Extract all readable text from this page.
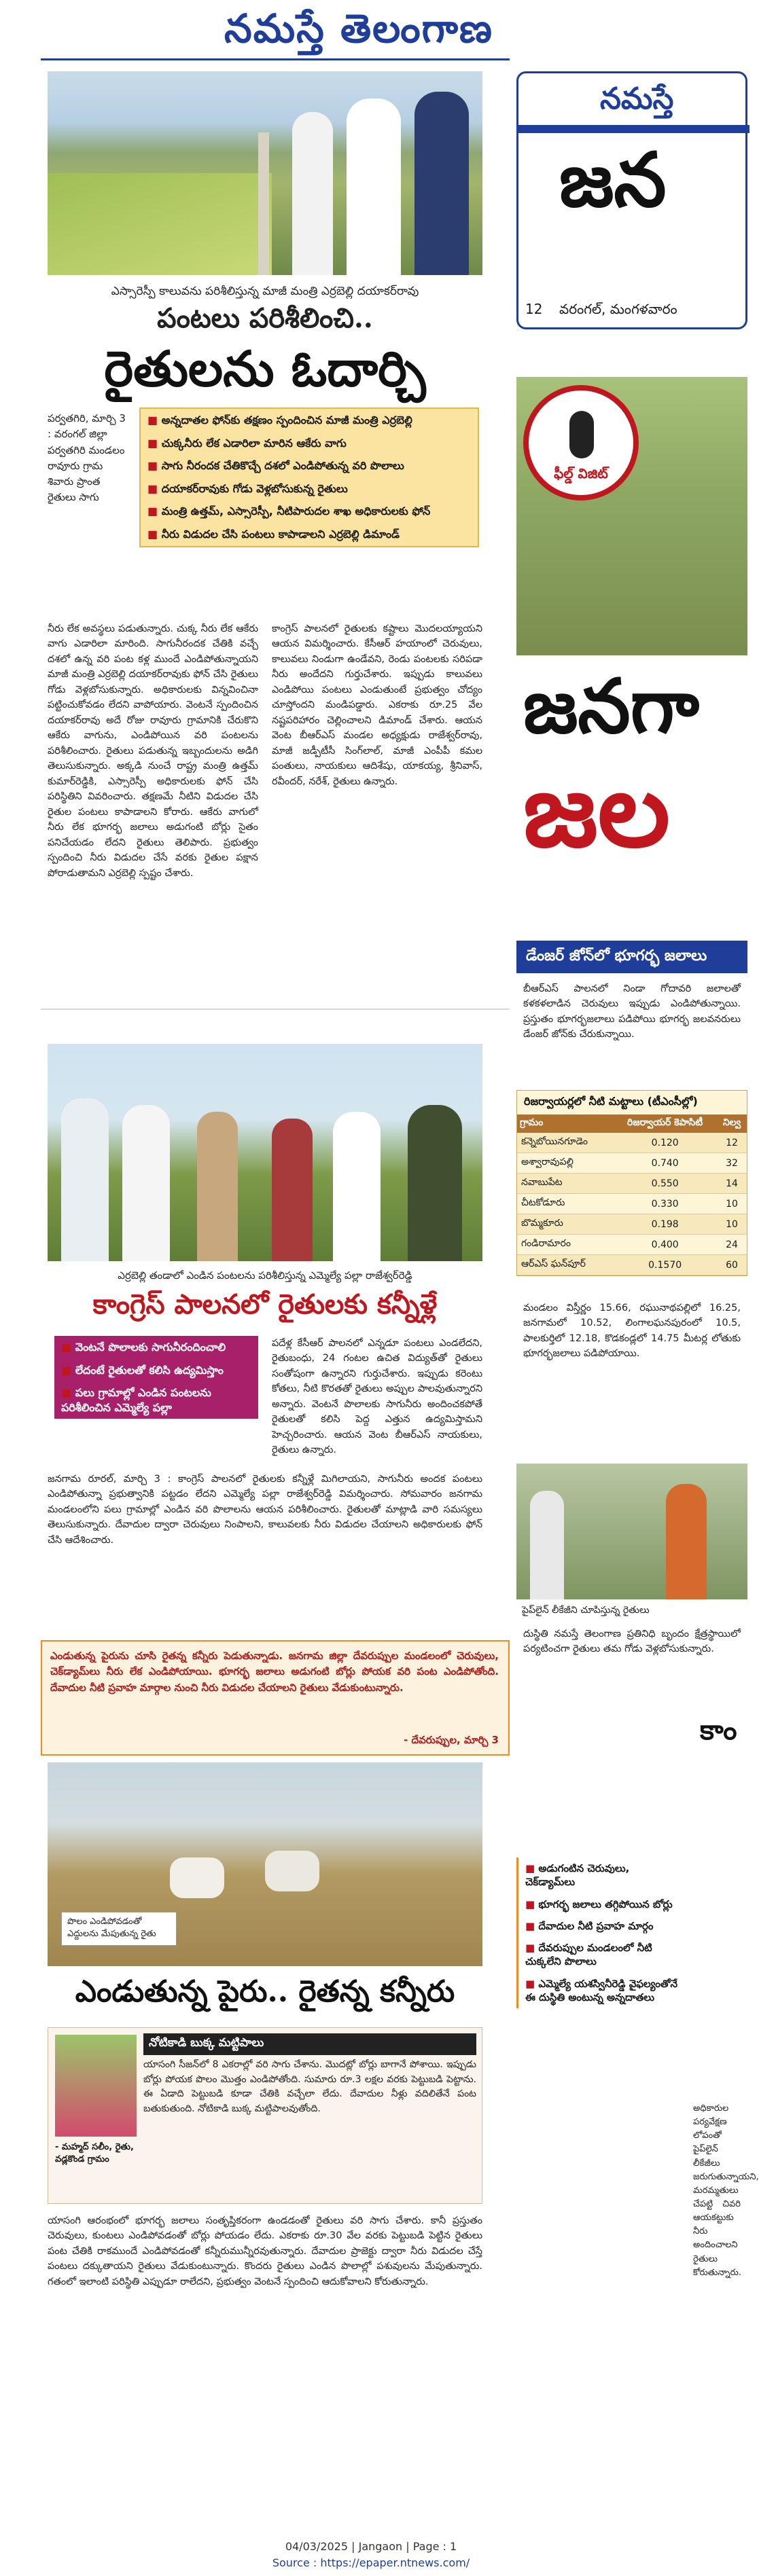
నమస్తే తెలంగాణ
ఎస్సారెస్పీ కాలువను పరిశీలిస్తున్న మాజీ మంత్రి ఎర్రబెల్లి దయాకర్‌రావు
పంటలు పరిశీలించి..
రైతులను ఓదార్చి
పర్వతగిరి, మార్చి 3 : వరంగల్ జిల్లా పర్వతగిరి మండలం రావూరు గ్రామ శివారు ప్రాంత రైతులు సాగు
■ అన్నదాతల ఫోన్‌కు తక్షణం స్పందించిన మాజీ మంత్రి ఎర్రబెల్లి
■ చుక్కనీరు లేక ఎడారిలా మారిన ఆకేరు వాగు
■ సాగు నీరందక చేతికొచ్చే దశలో ఎండిపోతున్న వరి పొలాలు
■ దయాకర్‌రావుకు గోడు వెళ్లబోసుకున్న రైతులు
■ మంత్రి ఉత్తమ్, ఎస్సారెస్పీ, నీటిపారుదల శాఖ అధికారులకు ఫోన్
■ నీరు విడుదల చేసి పంటలు కాపాడాలని ఎర్రబెల్లి డిమాండ్
నీరు లేక అవస్థలు పడుతున్నారు. చుక్క నీరు లేక ఆకేరు వాగు ఎడారిలా మారింది. సాగునీరందక చేతికి వచ్చే దశలో ఉన్న వరి పంట కళ్ల ముందే ఎండిపోతున్నాయని మాజీ మంత్రి ఎర్రబెల్లి దయాకర్‌రావుకు ఫోన్ చేసి రైతులు గోడు వెళ్లబోసుకున్నారు. అధికారులకు విన్నవించినా పట్టించుకోవడం లేదని వాపోయారు. వెంటనే స్పందించిన దయాకర్‌రావు అదే రోజు రావూరు గ్రామానికి చేరుకొని ఆకేరు వాగును, ఎండిపోయిన వరి పంటలను పరిశీలించారు. రైతులు పడుతున్న ఇబ్బందులను అడిగి తెలుసుకున్నారు. అక్కడి నుంచే రాష్ట్ర మంత్రి ఉత్తమ్ కుమార్‌రెడ్డికి, ఎస్సారెస్పీ అధికారులకు ఫోన్ చేసి పరిస్థితిని వివరించారు. తక్షణమే నీటిని విడుదల చేసి రైతుల పంటలు కాపాడాలని కోరారు. ఆకేరు వాగులో నీరు లేక భూగర్భ జలాలు అడుగంటి బోర్లు సైతం పనిచేయడం లేదని రైతులు తెలిపారు. ప్రభుత్వం స్పందించి నీరు విడుదల చేసే వరకు రైతుల పక్షాన పోరాడుతామని ఎర్రబెల్లి స్పష్టం చేశారు.
కాంగ్రెస్ పాలనలో రైతులకు కష్టాలు మొదలయ్యాయని ఆయన విమర్శించారు. కేసీఆర్ హయాంలో చెరువులు, కాలువలు నిండుగా ఉండేవని, రెండు పంటలకు సరిపడా నీరు అందేదని గుర్తుచేశారు. ఇప్పుడు కాలువలు ఎండిపోయి పంటలు ఎండుతుంటే ప్రభుత్వం చోద్యం చూస్తోందని మండిపడ్డారు. ఎకరాకు రూ.25 వేల నష్టపరిహారం చెల్లించాలని డిమాండ్ చేశారు. ఆయన వెంట బీఆర్‌ఎస్ మండల అధ్యక్షుడు రాజేశ్వర్‌రావు, మాజీ జడ్పీటీసీ సింగ్‌లాల్, మాజీ ఎంపీపీ కమల పంతులు, నాయకులు ఆదిశేషు, యాకయ్య, శ్రీనివాస్, రవీందర్, నరేశ్, రైతులు ఉన్నారు.
ఎర్రబెల్లి తండాలో ఎండిన పంటలను పరిశీలిస్తున్న ఎమ్మెల్యే పల్లా రాజేశ్వర్‌రెడ్డి
కాంగ్రెస్ పాలనలో రైతులకు కన్నీళ్లే
■ వెంటనే పొలాలకు సాగునీరందించాలి
■ లేదంటే రైతులతో కలిసి ఉద్యమిస్తాం
■ పలు గ్రామాల్లో ఎండిన పంటలను పరిశీలించిన ఎమ్మెల్యే పల్లా
పదేళ్ల కేసీఆర్ పాలనలో ఎన్నడూ పంటలు ఎండలేదని, రైతుబంధు, 24 గంటల ఉచిత విద్యుత్‌తో రైతులు సంతోషంగా ఉన్నారని గుర్తుచేశారు. ఇప్పుడు కరెంటు కోతలు, నీటి కొరతతో రైతులు అప్పుల పాలవుతున్నారని అన్నారు. వెంటనే పొలాలకు సాగునీరు అందించకపోతే రైతులతో కలిసి పెద్ద ఎత్తున ఉద్యమిస్తామని హెచ్చరించారు. ఆయన వెంట బీఆర్‌ఎస్ నాయకులు, రైతులు ఉన్నారు.
జనగామ రూరల్, మార్చి 3 : కాంగ్రెస్ పాలనలో రైతులకు కన్నీళ్లే మిగిలాయని, సాగునీరు అందక పంటలు ఎండిపోతున్నా ప్రభుత్వానికి పట్టడం లేదని ఎమ్మెల్యే పల్లా రాజేశ్వర్‌రెడ్డి విమర్శించారు. సోమవారం జనగామ మండలంలోని పలు గ్రామాల్లో ఎండిన వరి పొలాలను ఆయన పరిశీలించారు. రైతులతో మాట్లాడి వారి సమస్యలు తెలుసుకున్నారు. దేవాదుల ద్వారా చెరువులు నింపాలని, కాలువలకు నీరు విడుదల చేయాలని అధికారులకు ఫోన్ చేసి ఆదేశించారు.
ఎండుతున్న పైరును చూసి రైతన్న కన్నీరు పెడుతున్నాడు. జనగామ జిల్లా దేవరుప్పుల మండలంలో చెరువులు, చెక్‌డ్యామ్‌లు నీరు లేక ఎండిపోయాయి. భూగర్భ జలాలు అడుగంటి బోర్లు పోయక వరి పంట ఎండిపోతోంది. దేవాదుల నీటి ప్రవాహ మార్గాల నుంచి నీరు విడుదల చేయాలని రైతులు వేడుకుంటున్నారు.
- దేవరుప్పుల, మార్చి 3
పొలం ఎండిపోవడంతో ఎద్దులను మేపుతున్న రైతు
ఎండుతున్న పైరు.. రైతన్న కన్నీరు
నోటికాడి బుక్క మట్టిపాలు
యాసంగి సీజన్‌లో 8 ఎకరాల్లో వరి సాగు చేశాను. మొదట్లో బోర్లు బాగానే పోశాయి. ఇప్పుడు బోర్లు పోయక పొలం మొత్తం ఎండిపోతోంది. సుమారు రూ.3 లక్షల వరకు పెట్టుబడి పెట్టాను. ఈ ఏడాది పెట్టుబడి కూడా చేతికి వచ్చేలా లేదు. దేవాదుల నీళ్లు వదిలితేనే పంట బతుకుతుంది. నోటికాడి బుక్క మట్టిపాలవుతోంది.
- మహ్మద్ సలీం, రైతు, వడ్లకొండ గ్రామం
యాసంగి ఆరంభంలో భూగర్భ జలాలు సంతృప్తికరంగా ఉండడంతో రైతులు వరి సాగు చేశారు. కానీ ప్రస్తుతం చెరువులు, కుంటలు ఎండిపోవడంతో బోర్లు పోయడం లేదు. ఎకరాకు రూ.30 వేల వరకు పెట్టుబడి పెట్టిన రైతులు పంట చేతికి రాకముందే ఎండిపోవడంతో కన్నీరుమున్నీరవుతున్నారు. దేవాదుల ప్రాజెక్టు ద్వారా నీరు విడుదల చేస్తే పంటలు దక్కుతాయని రైతులు వేడుకుంటున్నారు. కొందరు రైతులు ఎండిన పొలాల్లో పశువులను మేపుతున్నారు. గతంలో ఇలాంటి పరిస్థితి ఎప్పుడూ రాలేదని, ప్రభుత్వం వెంటనే స్పందించి ఆదుకోవాలని కోరుతున్నారు.
■ అడుగంటిన చెరువులు, చెక్‌డ్యామ్‌లు
■ భూగర్భ జలాలు తగ్గిపోయిన బోర్లు
■ దేవాదుల నీటి ప్రవాహ మార్గం
■ దేవరుప్పుల మండలంలో నీటి చుక్కలేని పొలాలు
■ ఎమ్మెల్యే యశస్వినీరెడ్డి వైఫల్యంతోనే ఈ దుస్థితి అంటున్న అన్నదాతలు
నమస్తే
జన
12 వరంగల్, మంగళవారం
ఫీల్డ్ విజిట్
జనగా
జల
డేంజర్ జోన్‌లో భూగర్భ జలాలు
బీఆర్‌ఎస్ పాలనలో నిండా గోదావరి జలాలతో కళకళలాడిన చెరువులు ఇప్పుడు ఎండిపోతున్నాయి. ప్రస్తుతం భూగర్భజలాలు పడిపోయి భూగర్భ జలవనరులు డేంజర్ జోన్‌కు చేరుకున్నాయి.
రిజర్వాయర్లలో నీటి మట్టాలు (టీఎంసీల్లో)
గ్రామం	రిజర్వాయర్ కెపాసిటీ	నిల్వ
కన్నెబోయినగూడెం	0.120	12
అశ్వారావుపల్లి	0.740	32
నవాబుపేట	0.550	14
చీటకోడూరు	0.330	10
బొమ్మకూరు	0.198	10
గండిరామారం	0.400	24
ఆర్‌ఎస్ ఘన్‌పూర్	0.1570	60
మండలం విస్తీర్ణం 15.66, రఘునాథపల్లిలో 16.25, జనగామలో 10.52, లింగాలఘనపురంలో 10.5, పాలకుర్తిలో 12.18, కొడకండ్లలో 14.75 మీటర్ల లోతుకు భూగర్భజలాలు పడిపోయాయి.
పైప్‌లైన్ లీకేజీని చూపిస్తున్న రైతులు
దుస్థితి నమస్తే తెలంగాణ ప్రతినిధి బృందం క్షేత్రస్థాయిలో పర్యటించగా రైతులు తమ గోడు వెళ్లబోసుకున్నారు.
కాం
అధికారుల పర్యవేక్షణ లోపంతో పైప్‌లైన్ లీకేజీలు జరుగుతున్నాయని, మరమ్మతులు చేపట్టి చివరి ఆయకట్టుకు నీరు అందించాలని రైతులు కోరుతున్నారు.
04/03/2025 | Jangaon | Page : 1
Source : https://epaper.ntnews.com/
